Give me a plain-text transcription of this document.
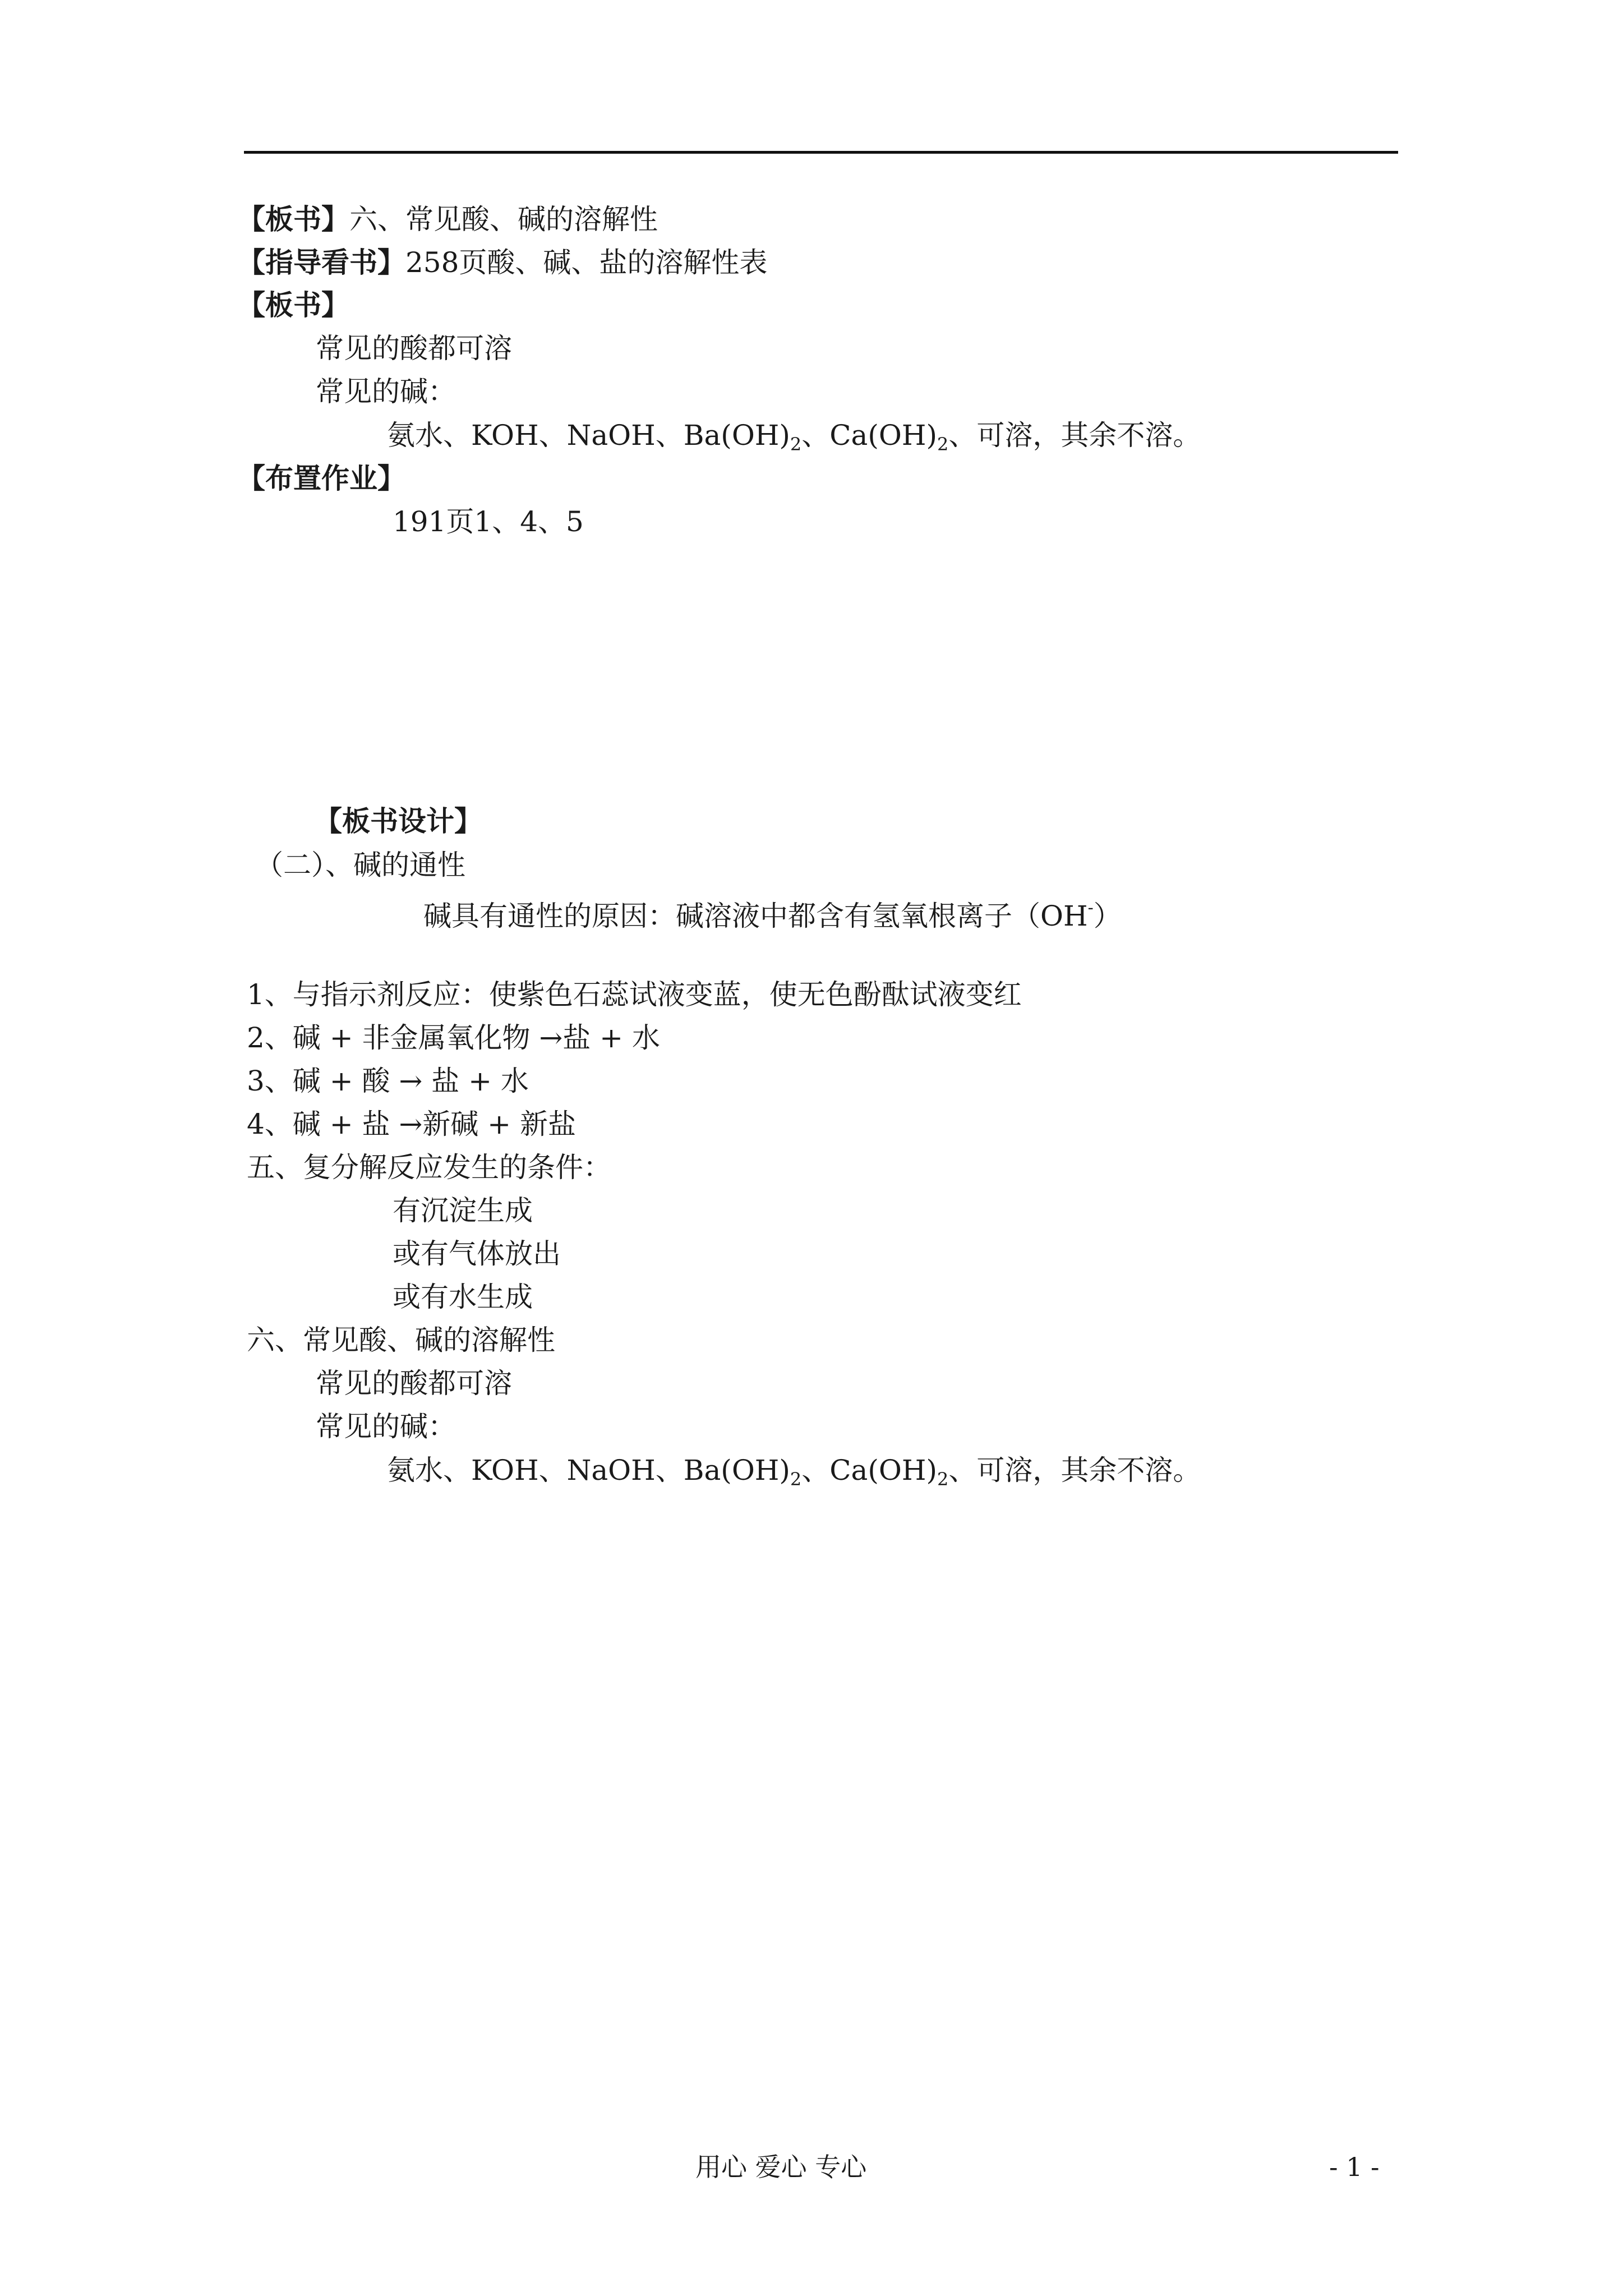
【板书】六、常见酸、碱的溶解性
【指导看书】258页酸、碱、盐的溶解性表
【板书】
常见的酸都可溶
常见的碱：
氨水、KOH、NaOH、$Ba(OH)_2$、$Ca(OH)_2$、可溶，其余不溶。
【布置作业】
191页1、4、5
【板书设计】
（二）、碱的通性
碱具有通性的原因：碱溶液中都含有氢氧根离子（OH-）
1、与指示剂反应：使紫色石蕊试液变蓝，使无色酚酞试液变红
2、碱 + 非金属氧化物 →盐 + 水
3、碱 + 酸 → 盐 + 水
4、碱 + 盐 →新碱 + 新盐
五、复分解反应发生的条件：
有沉淀生成
或有气体放出
或有水生成
六、常见酸、碱的溶解性
常见的酸都可溶
常见的碱：
氨水、KOH、NaOH、$Ba(OH)_2$、$Ca(OH)_2$、可溶，其余不溶。
用心 爱心 专心	- 1 -
